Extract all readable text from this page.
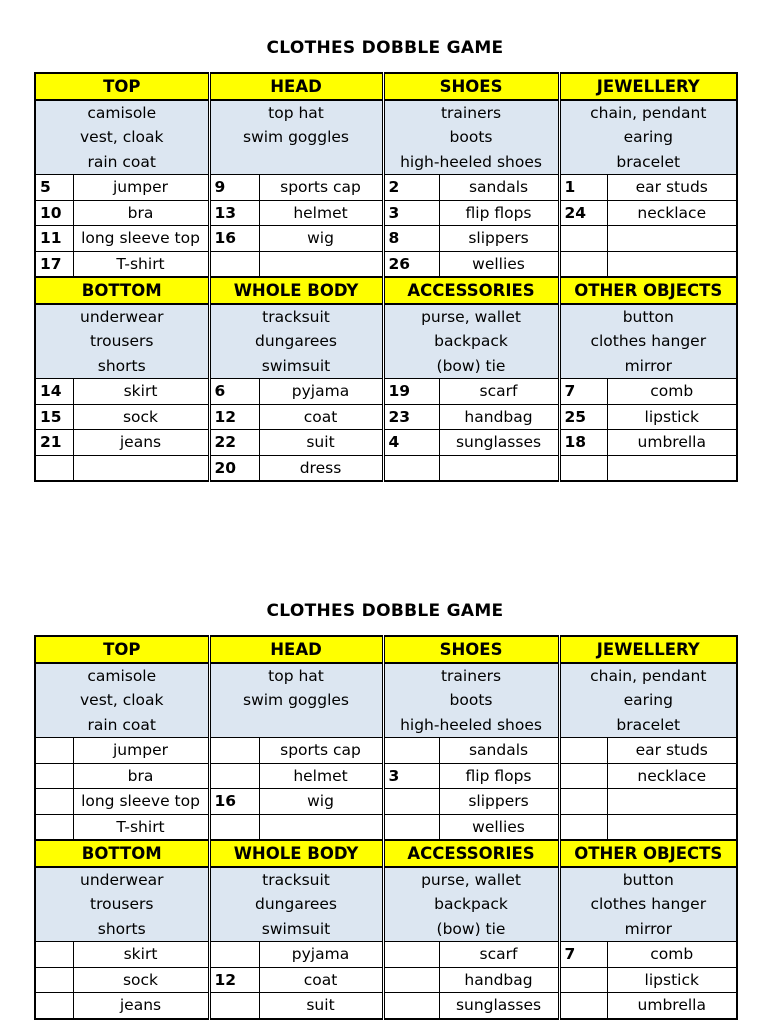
CLOTHES DOBBLE GAME
TOP		HEAD		SHOES		JEWELLERY	
camisole		top hat		trainers		chain, pendant	
vest, cloak		swim goggles		boots		earing	
rain coat				high-heeled shoes		bracelet	
5	jumper	9	sports cap	2	sandals	1	ear studs
10	bra	13	helmet	3	flip flops	24	necklace
11	long sleeve top	16	wig	8	slippers		
17	T-shirt			26	wellies		
BOTTOM		WHOLE BODY		ACCESSORIES		OTHER OBJECTS	
underwear		tracksuit		purse, wallet		button	
trousers		dungarees		backpack		clothes hanger	
shorts		swimsuit		(bow) tie		mirror	
14	skirt	6	pyjama	19	scarf	7	comb
15	sock	12	coat	23	handbag	25	lipstick
21	jeans	22	suit	4	sunglasses	18	umbrella
		20	dress				
CLOTHES DOBBLE GAME
TOP		HEAD		SHOES		JEWELLERY	
camisole		top hat		trainers		chain, pendant	
vest, cloak		swim goggles		boots		earing	
rain coat				high-heeled shoes		bracelet	
	jumper		sports cap		sandals		ear studs
	bra		helmet	3	flip flops		necklace
	long sleeve top	16	wig		slippers		
	T-shirt				wellies		
BOTTOM		WHOLE BODY		ACCESSORIES		OTHER OBJECTS	
underwear		tracksuit		purse, wallet		button	
trousers		dungarees		backpack		clothes hanger	
shorts		swimsuit		(bow) tie		mirror	
	skirt		pyjama		scarf	7	comb
	sock	12	coat		handbag		lipstick
	jeans		suit		sunglasses		umbrella
